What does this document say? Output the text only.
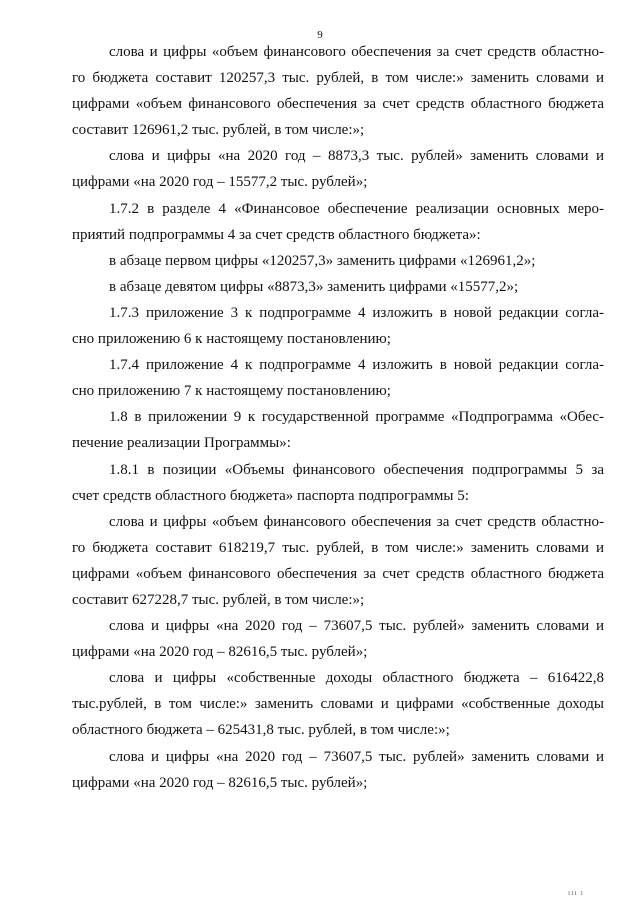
9
слова и цифры «объем финансового обеспечения за счет средств областно-
го бюджета составит 120257,3 тыс. рублей, в том числе:» заменить словами и
цифрами «объем финансового обеспечения за счет средств областного бюджета
составит 126961,2 тыс. рублей, в том числе:»;
слова и цифры «на 2020 год – 8873,3 тыс. рублей» заменить словами и
цифрами «на 2020 год – 15577,2 тыс. рублей»;
1.7.2 в разделе 4 «Финансовое обеспечение реализации основных меро-
приятий подпрограммы 4 за счет средств областного бюджета»:
в абзаце первом цифры «120257,3» заменить цифрами «126961,2»;
в абзаце девятом цифры «8873,3» заменить цифрами «15577,2»;
1.7.3 приложение 3 к подпрограмме 4 изложить в новой редакции согла-
сно приложению 6 к настоящему постановлению;
1.7.4 приложение 4 к подпрограмме 4 изложить в новой редакции согла-
сно приложению 7 к настоящему постановлению;
1.8 в приложении 9 к государственной программе «Подпрограмма «Обес-
печение реализации Программы»:
1.8.1 в позиции «Объемы финансового обеспечения подпрограммы 5 за
счет средств областного бюджета» паспорта подпрограммы 5:
слова и цифры «объем финансового обеспечения за счет средств областно-
го бюджета составит 618219,7 тыс. рублей, в том числе:» заменить словами и
цифрами «объем финансового обеспечения за счет средств областного бюджета
составит 627228,7 тыс. рублей, в том числе:»;
слова и цифры «на 2020 год – 73607,5 тыс. рублей» заменить словами и
цифрами «на 2020 год – 82616,5 тыс. рублей»;
слова и цифры «собственные доходы областного бюджета – 616422,8
тыс.рублей, в том числе:» заменить словами и цифрами «собственные доходы
областного бюджета – 625431,8 тыс. рублей, в том числе:»;
слова и цифры «на 2020 год – 73607,5 тыс. рублей» заменить словами и
цифрами «на 2020 год – 82616,5 тыс. рублей»;
ııı ı
